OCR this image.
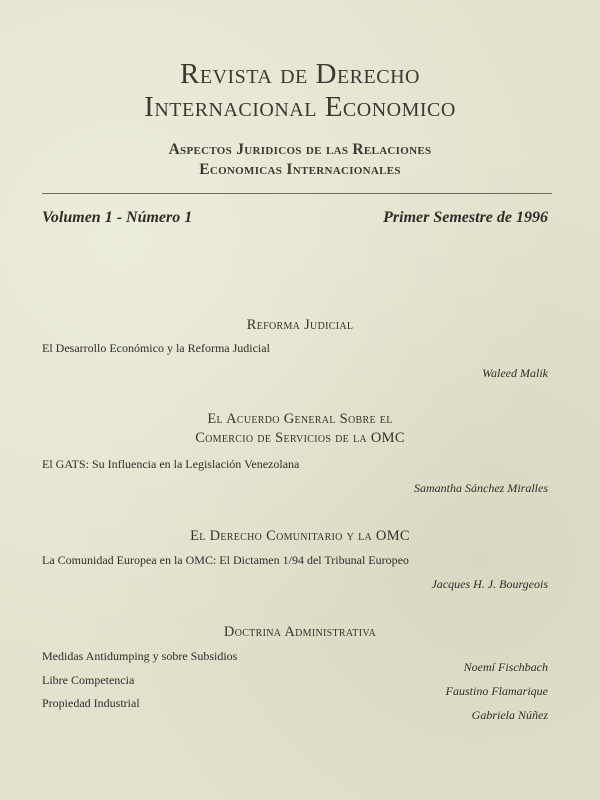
Revista de Derecho
Internacional Economico
Aspectos Juridicos de las Relaciones
Economicas Internacionales
Volumen 1 - Número 1	Primer Semestre de 1996
Reforma Judicial
El Desarrollo Económico y la Reforma Judicial
Waleed Malik
El Acuerdo General Sobre el
Comercio de Servicios de la OMC
El GATS: Su Influencia en la Legislación Venezolana
Samantha Sánchez Miralles
El Derecho Comunitario y la OMC
La Comunidad Europea en la OMC: El Dictamen 1/94 del Tribunal Europeo
Jacques H. J. Bourgeois
Doctrina Administrativa
Medidas Antidumping y sobre Subsidios
Libre Competencia
Propiedad Industrial
Noemí Fischbach
Faustino Flamarique
Gabriela Núñez
